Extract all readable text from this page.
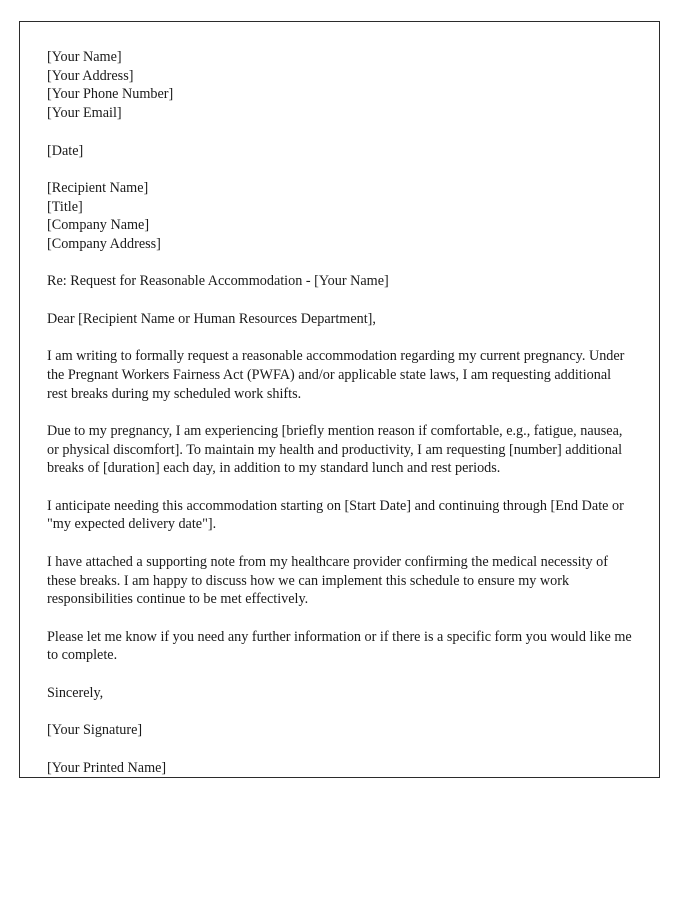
[Your Name]
[Your Address]
[Your Phone Number]
[Your Email]
[Date]
[Recipient Name]
[Title]
[Company Name]
[Company Address]
Re: Request for Reasonable Accommodation - [Your Name]
Dear [Recipient Name or Human Resources Department],

I am writing to formally request a reasonable accommodation regarding my current pregnancy. Under the Pregnant Workers Fairness Act (PWFA) and/or applicable state laws, I am requesting additional rest breaks during my scheduled work shifts.

Due to my pregnancy, I am experiencing [briefly mention reason if comfortable, e.g., fatigue, nausea, or physical discomfort]. To maintain my health and productivity, I am requesting [number] additional breaks of [duration] each day, in addition to my standard lunch and rest periods.

I anticipate needing this accommodation starting on [Start Date] and continuing through [End Date or "my expected delivery date"].

I have attached a supporting note from my healthcare provider confirming the medical necessity of these breaks. I am happy to discuss how we can implement this schedule to ensure my work responsibilities continue to be met effectively.

Please let me know if you need any further information or if there is a specific form you would like me to complete.

Sincerely,
[Your Signature]
[Your Printed Name]
